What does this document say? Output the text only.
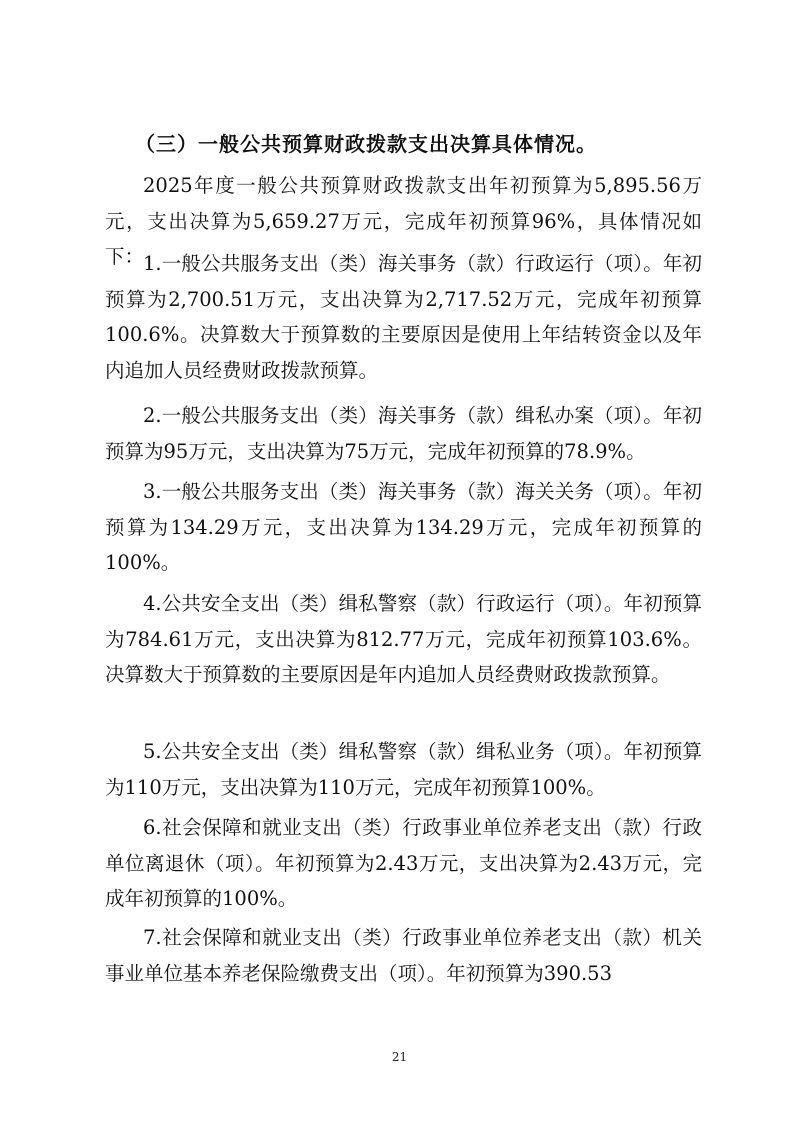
（三）一般公共预算财政拨款支出决算具体情况。

2025年度一般公共预算财政拨款支出年初预算为5,895.56万元，支出决算为5,659.27万元，完成年初预算96%，具体情况如下：

1.一般公共服务支出（类）海关事务（款）行政运行（项）。年初预算为2,700.51万元，支出决算为2,717.52万元，完成年初预算100.6%。决算数大于预算数的主要原因是使用上年结转资金以及年内追加人员经费财政拨款预算。

2.一般公共服务支出（类）海关事务（款）缉私办案（项）。年初预算为95万元，支出决算为75万元，完成年初预算的78.9%。

3.一般公共服务支出（类）海关事务（款）海关关务（项）。年初预算为134.29万元，支出决算为134.29万元，完成年初预算的100%。

4.公共安全支出（类）缉私警察（款）行政运行（项）。年初预算为784.61万元，支出决算为812.77万元，完成年初预算103.6%。决算数大于预算数的主要原因是年内追加人员经费财政拨款预算。

5.公共安全支出（类）缉私警察（款）缉私业务（项）。年初预算为110万元，支出决算为110万元，完成年初预算100%。

6.社会保障和就业支出（类）行政事业单位养老支出（款）行政单位离退休（项）。年初预算为2.43万元，支出决算为2.43万元，完成年初预算的100%。

7.社会保障和就业支出（类）行政事业单位养老支出（款）机关事业单位基本养老保险缴费支出（项）。年初预算为390.53

21
